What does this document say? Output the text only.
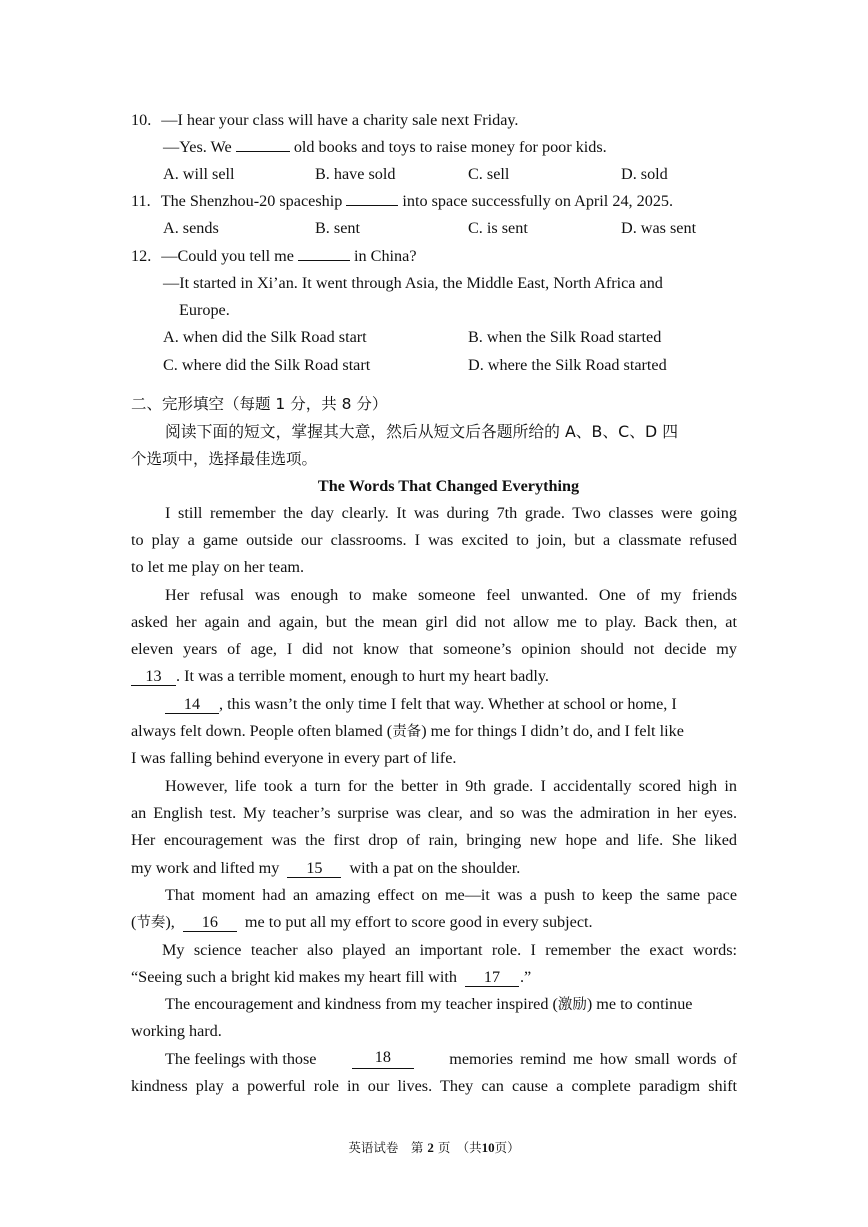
10. —I hear your class will have a charity sale next Friday.
—Yes. We	old books and toys to raise money for poor kids.
A. will sell	B. have sold	C. sell	D. sold
11. The Shenzhou-20 spaceship	into space successfully on April 24, 2025.
A. sends	B. sent	C. is sent	D. was sent
12. —Could you tell me	in China?
—It started in Xi’an. It went through Asia, the Middle East, North Africa and
Europe.
A. when did the Silk Road start	B. when the Silk Road started
C. where did the Silk Road start	D. where the Silk Road started
二、完形填空（每题 1 分，共 8 分）
阅读下面的短文，掌握其大意，然后从短文后各题所给的 A、B、C、D 四
个选项中，选择最佳选项。
The Words That Changed Everything
I still remember the day clearly. It was during 7th grade. Two classes were going
to play a game outside our classrooms. I was excited to join, but a classmate refused
to let me play on her team.
Her refusal was enough to make someone feel unwanted. One of my friends
asked her again and again, but the mean girl did not allow me to play. Back then, at
eleven years of age, I did not know that someone’s opinion should not decide my
13 . It was a terrible moment, enough to hurt my heart badly.
14 , this wasn’t the only time I felt that way. Whether at school or home, I
always felt down. People often blamed (责备) me for things I didn’t do, and I felt like
I was falling behind everyone in every part of life.
However, life took a turn for the better in 9th grade. I accidentally scored high in
an English test. My teacher’s surprise was clear, and so was the admiration in her eyes.
Her encouragement was the first drop of rain, bringing new hope and life. She liked
my work and lifted my 15 with a pat on the shoulder.
That moment had an amazing effect on me—it was a push to keep the same pace
(节奏), 16 me to put all my effort to score good in every subject.
My science teacher also played an important role. I remember the exact words:
“Seeing such a bright kid makes my heart fill with 17 .”
The encouragement and kindness from my teacher inspired (激励) me to continue
working hard.
The feelings with those	18	memories remind me how small words of
kindness play a powerful role in our lives. They can cause a complete paradigm shift
英语试卷　第 2 页　（共10页）
